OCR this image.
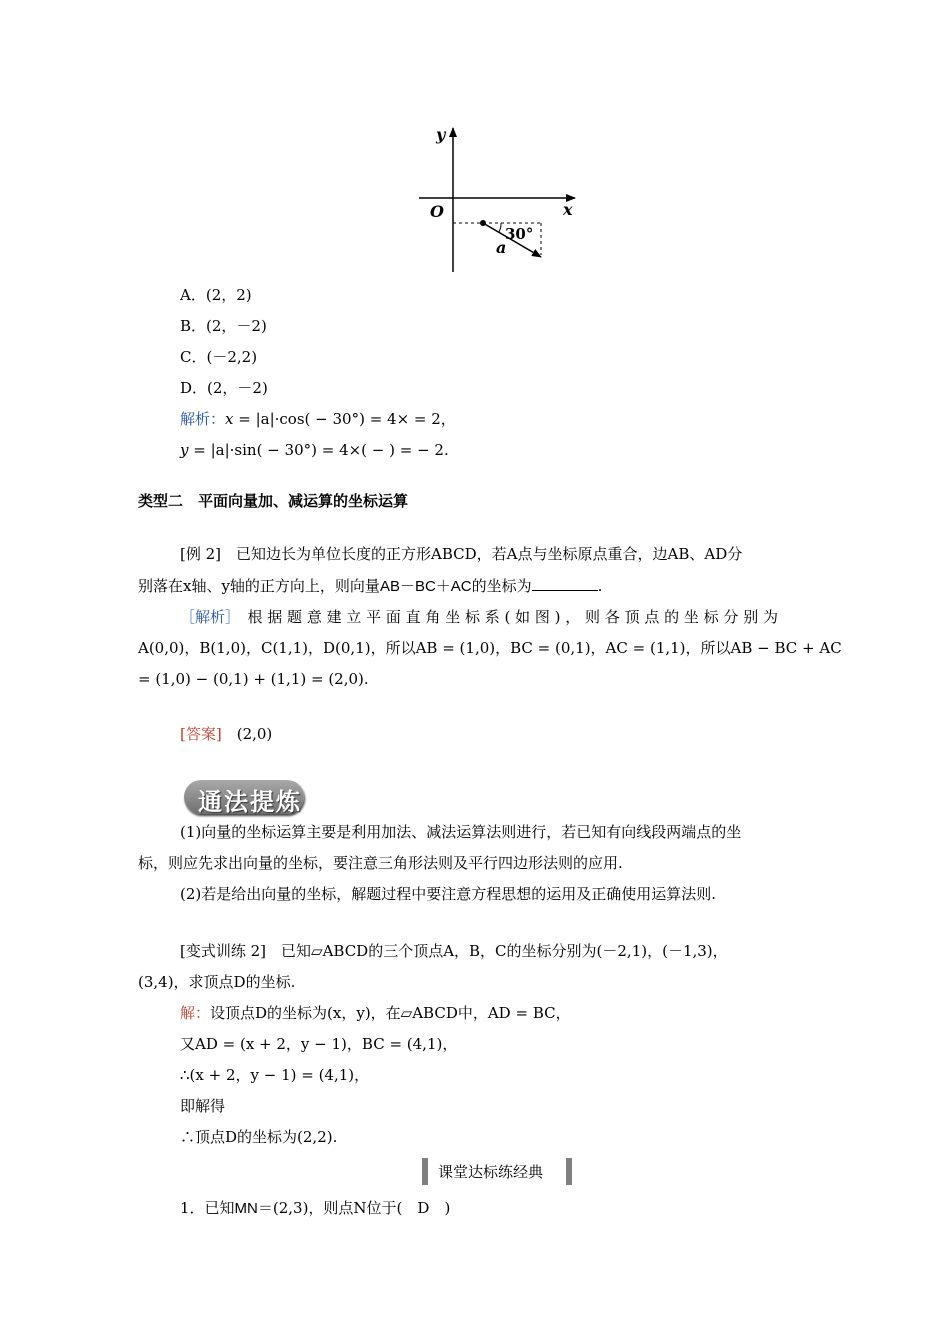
y
x
O
30°
a
A．(2，2)
B．(2，－2)
C．(－2,2)
D．(2，－2)
解析：x = |a|·cos( − 30°) = 4× = 2，
y = |a|·sin( − 30°) = 4×( − ) = − 2.
类型二　平面向量加、减运算的坐标运算
[例 2]　已知边长为单位长度的正方形ABCD，若A点与坐标原点重合，边AB、AD分
别落在x轴、y轴的正方向上，则向量AB－BC＋AC的坐标为	.
［解析］　根 据 题 意 建 立 平 面 直 角 坐 标 系 ( 如 图 ) ， 则 各 顶 点 的 坐 标 分 别 为
A(0,0)，B(1,0)，C(1,1)，D(0,1)，所以AB = (1,0)，BC = (0,1)，AC = (1,1)，所以AB − BC + AC
= (1,0) − (0,1) + (1,1) = (2,0).
[答案]　(2,0)
通法提炼
(1)向量的坐标运算主要是利用加法、减法运算法则进行，若已知有向线段两端点的坐
标，则应先求出向量的坐标，要注意三角形法则及平行四边形法则的应用.
(2)若是给出向量的坐标，解题过程中要注意方程思想的运用及正确使用运算法则.
[变式训练 2]　已知▱ABCD的三个顶点A，B，C的坐标分别为(－2,1)，(－1,3)，
(3,4)，求顶点D的坐标.
解：设顶点D的坐标为(x，y)，在▱ABCD中，AD = BC，
又AD = (x + 2，y − 1)，BC = (4,1)，
∴(x + 2，y − 1) = (4,1)，
即解得
∴顶点D的坐标为(2,2).
课堂达标练经典
1．已知MN＝(2,3)，则点N位于(　D　)
